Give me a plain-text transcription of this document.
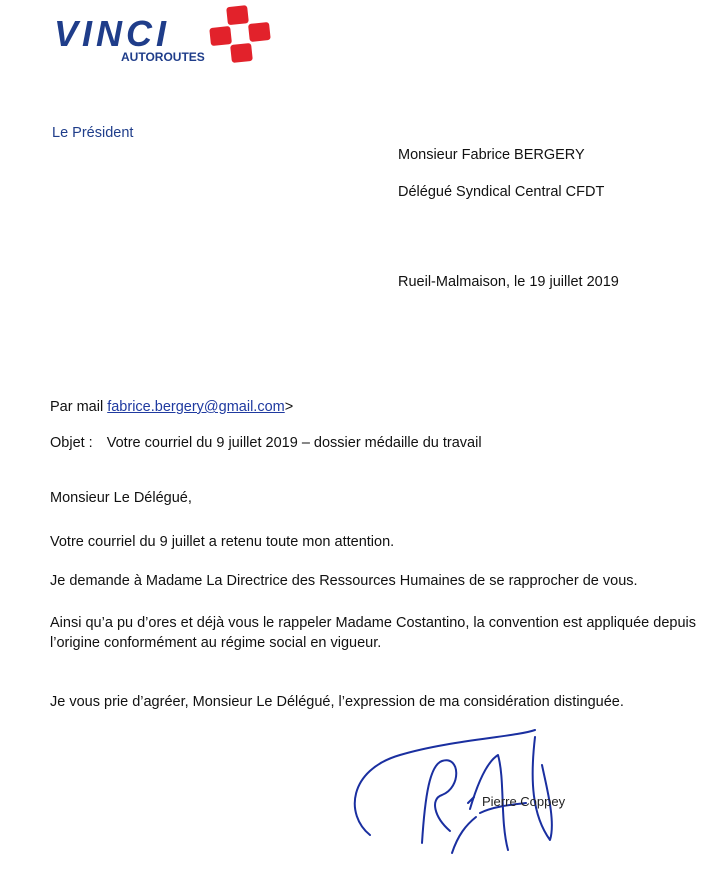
VINCI
AUTOROUTES
Le Président
Monsieur Fabrice BERGERY
Délégué Syndical Central CFDT
Rueil-Malmaison, le 19 juillet 2019
Par mail fabrice.bergery@gmail.com>
Objet : Votre courriel du 9 juillet 2019 – dossier médaille du travail
Monsieur Le Délégué,
Votre courriel du 9 juillet a retenu toute mon attention.
Je demande à Madame La Directrice des Ressources Humaines de se rapprocher de vous.
Ainsi qu’a pu d’ores et déjà vous le rappeler Madame Costantino, la convention est appliquée depuis l’origine conformément au régime social en vigueur.
Je vous prie d’agréer, Monsieur Le Délégué, l’expression de ma considération distinguée.
Pierre Coppey
